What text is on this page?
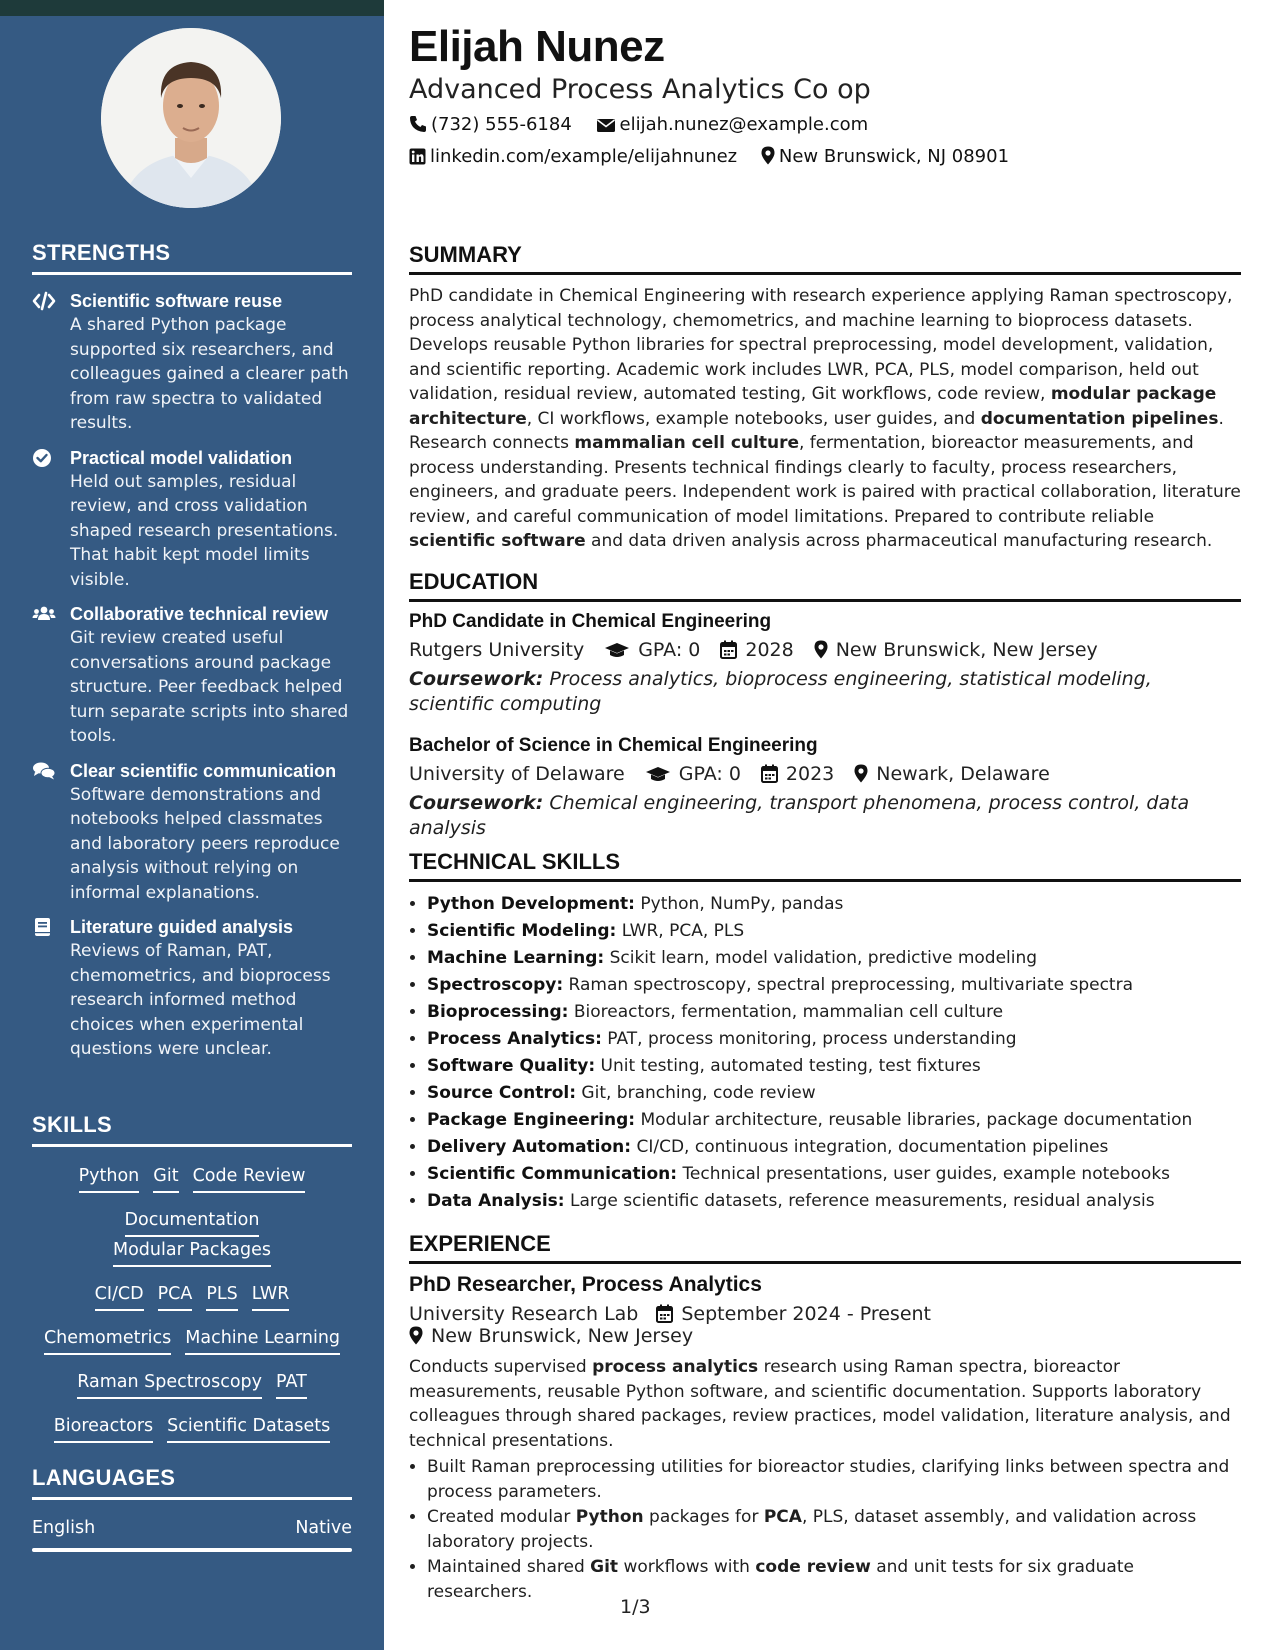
STRENGTHS
Scientific software reuse
A shared Python package supported six researchers, and colleagues gained a clearer path from raw spectra to validated results.
Practical model validation
Held out samples, residual review, and cross validation shaped research presentations. That habit kept model limits visible.
Collaborative technical review
Git review created useful conversations around package structure. Peer feedback helped turn separate scripts into shared tools.
Clear scientific communication
Software demonstrations and notebooks helped classmates and laboratory peers reproduce analysis without relying on informal explanations.
Literature guided analysis
Reviews of Raman, PAT, chemometrics, and bioprocess research informed method choices when experimental questions were unclear.
SKILLS
Python Git Code Review
DocumentationModular Packages
CI/CD PCA PLS LWR
Chemometrics Machine Learning
Raman Spectroscopy PAT
Bioreactors Scientific Datasets
LANGUAGES
English	Native
Elijah Nunez
Advanced Process Analytics Co op
(732) 555-6184	elijah.nunez@example.com
linkedin.com/example/elijahnunez New Brunswick, NJ 08901
SUMMARY
PhD candidate in Chemical Engineering with research experience applying Raman spectroscopy, process analytical technology, chemometrics, and machine learning to bioprocess datasets. Develops reusable Python libraries for spectral preprocessing, model development, validation, and scientific reporting. Academic work includes LWR, PCA, PLS, model comparison, held out validation, residual review, automated testing, Git workflows, code review, modular package architecture, CI workflows, example notebooks, user guides, and documentation pipelines. Research connects mammalian cell culture, fermentation, bioreactor measurements, and process understanding. Presents technical findings clearly to faculty, process researchers, engineers, and graduate peers. Independent work is paired with practical collaboration, literature review, and careful communication of model limitations. Prepared to contribute reliable scientific software and data driven analysis across pharmaceutical manufacturing research.
EDUCATION
PhD Candidate in Chemical Engineering
Rutgers University	GPA: 0 2028 New Brunswick, New Jersey
Coursework: Process analytics, bioprocess engineering, statistical modeling, scientific computing
Bachelor of Science in Chemical Engineering
University of Delaware	GPA: 0 2023 Newark, Delaware
Coursework: Chemical engineering, transport phenomena, process control, data analysis
TECHNICAL SKILLS
• Python Development: Python, NumPy, pandas
• Scientific Modeling: LWR, PCA, PLS
• Machine Learning: Scikit learn, model validation, predictive modeling
• Spectroscopy: Raman spectroscopy, spectral preprocessing, multivariate spectra
• Bioprocessing: Bioreactors, fermentation, mammalian cell culture
• Process Analytics: PAT, process monitoring, process understanding
• Software Quality: Unit testing, automated testing, test fixtures
• Source Control: Git, branching, code review
• Package Engineering: Modular architecture, reusable libraries, package documentation
• Delivery Automation: CI/CD, continuous integration, documentation pipelines
• Scientific Communication: Technical presentations, user guides, example notebooks
• Data Analysis: Large scientific datasets, reference measurements, residual analysis
EXPERIENCE
PhD Researcher, Process Analytics
University Research Lab September 2024 - PresentNew Brunswick, New Jersey
Conducts supervised process analytics research using Raman spectra, bioreactor measurements, reusable Python software, and scientific documentation. Supports laboratory colleagues through shared packages, review practices, model validation, literature analysis, and technical presentations.
• Built Raman preprocessing utilities for bioreactor studies, clarifying links between spectra and process parameters.
• Created modular Python packages for PCA, PLS, dataset assembly, and validation across laboratory projects.
• Maintained shared Git workflows with code review and unit tests for six graduate researchers.
1/3
